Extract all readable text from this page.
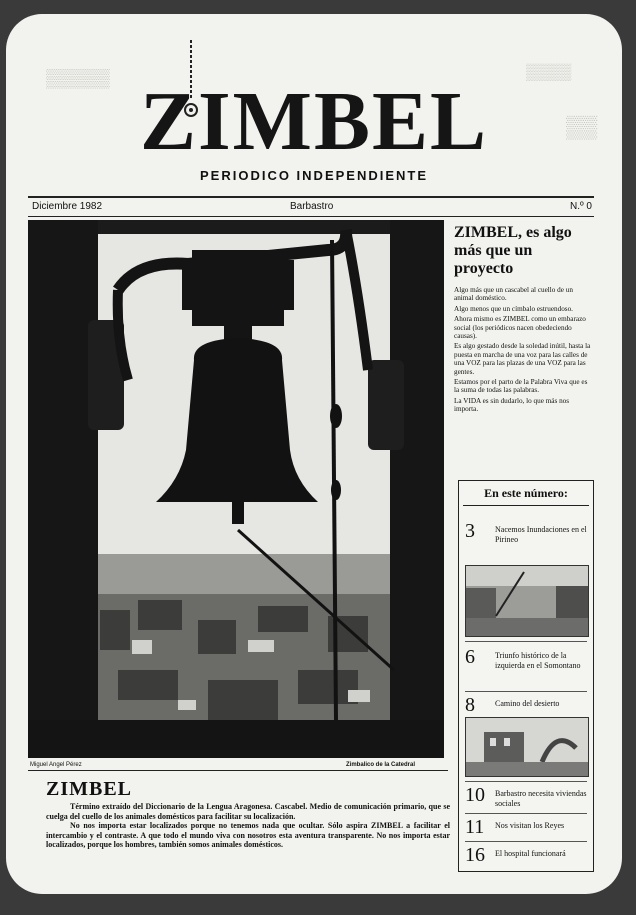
▒▒▒▒▒	▒▒▒▒
▒▒
ZIMBEL
PERIODICO INDEPENDIENTE
Diciembre 1982	Barbastro	N.º 0
Miguel Angel Pérez	Zimbalico de la Catedral
ZIMBEL, es algo más que un proyecto

Algo más que un cascabel al cuello de un animal doméstico.

Algo menos que un címbalo estruendoso.

Ahora mismo es ZIMBEL como un embarazo social (los periódicos nacen obedeciendo causas).

Es algo gestado desde la soledad inútil, hasta la puesta en marcha de una voz para las calles de una VOZ para las plazas de una VOZ para las gentes.

Estamos por el parto de la Palabra Viva que es la suma de todas las palabras.

La VIDA es sin dudarlo, lo que más nos importa.

En este número:
3	Nacemos Inundaciones en el Pirineo
6	Triunfo histórico de la izquierda en el Somontano
8	Camino del desierto
10 Barbastro necesita viviendas sociales
11 Nos visitan los Reyes
16 El hospital funcionará
ZIMBEL

Término extraído del Diccionario de la Lengua Aragonesa. Cascabel. Medio de comunicación primario, que se cuelga del cuello de los animales domésticos para facilitar su localización.

No nos importa estar localizados porque no tenemos nada que ocultar. Sólo aspira ZIMBEL a facilitar el intercambio y el contraste. A que todo el mundo viva con nosotros esta aventura transparente. No nos importa estar localizados, porque los hombres, también somos animales domésticos.
